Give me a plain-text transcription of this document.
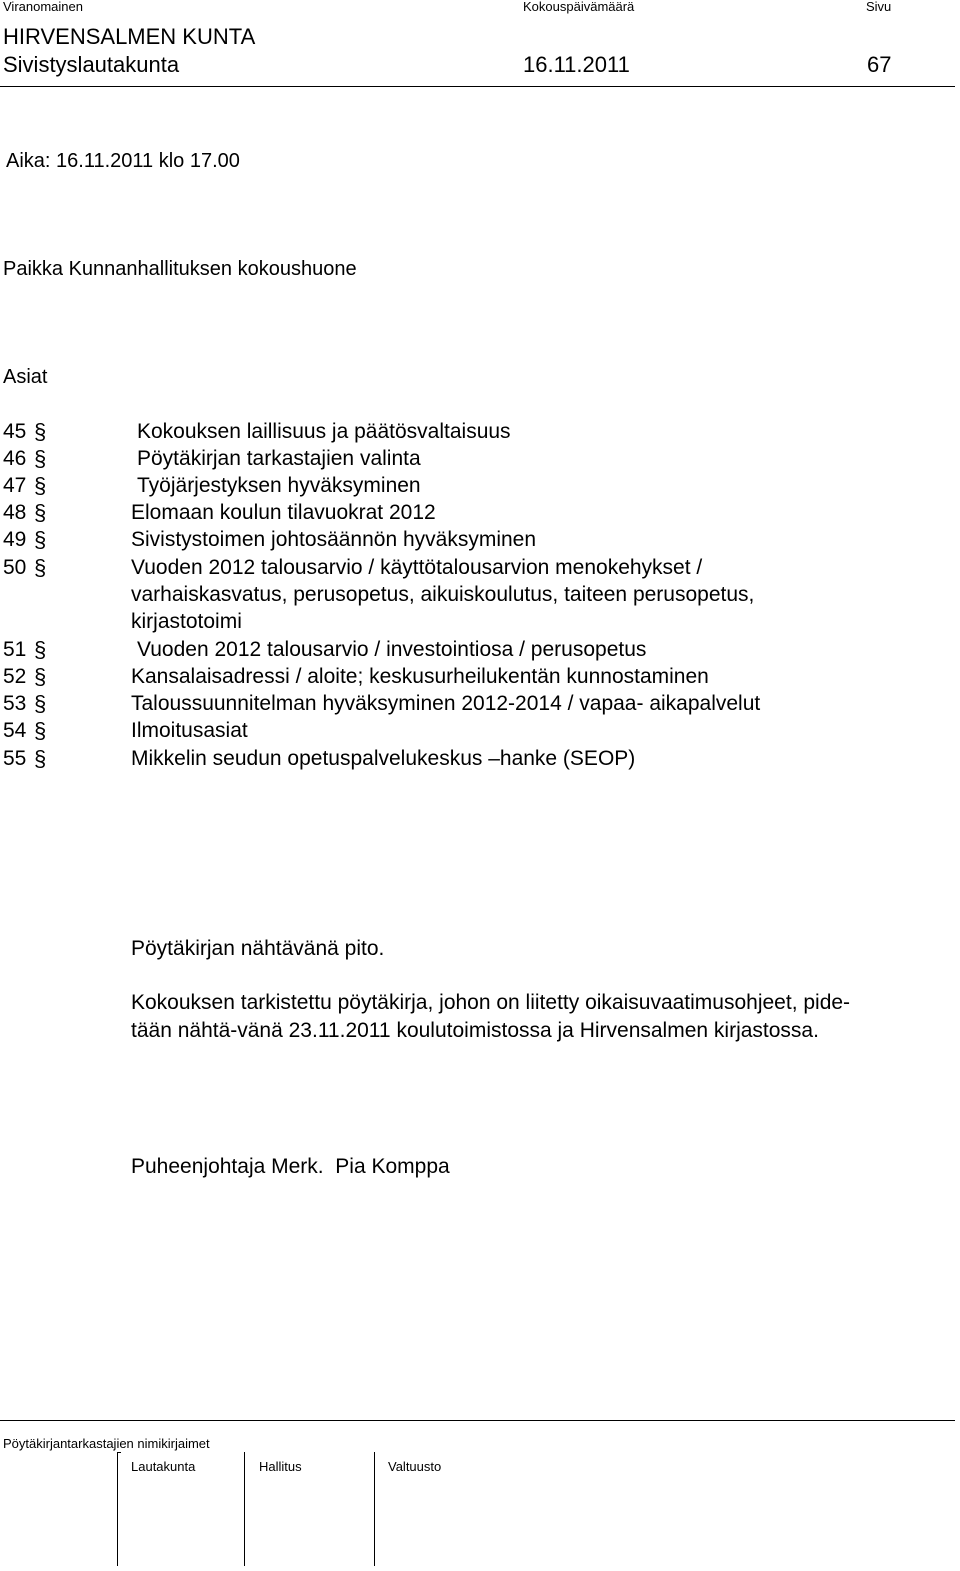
Viranomainen	Kokouspäivämäärä	Sivu
HIRVENSALMEN KUNTA
Sivistyslautakunta	16.11.2011	67
Aika: 16.11.2011 klo 17.00
Paikka Kunnanhallituksen kokoushuone
Asiat
45 §	Kokouksen laillisuus ja päätösvaltaisuus
46 §	Pöytäkirjan tarkastajien valinta
47 §	Työjärjestyksen hyväksyminen
48 §	Elomaan koulun tilavuokrat 2012
49 §	Sivistystoimen johtosäännön hyväksyminen
50 §	Vuoden 2012 talousarvio / käyttötalousarvion menokehykset /
varhaiskasvatus, perusopetus, aikuiskoulutus, taiteen perusopetus,
kirjastotoimi
51 §	Vuoden 2012 talousarvio / investointiosa / perusopetus
52 §	Kansalaisadressi / aloite; keskusurheilukentän kunnostaminen
53 §	Taloussuunnitelman hyväksyminen 2012-2014 / vapaa- aikapalvelut
54 §	Ilmoitusasiat
55 §	Mikkelin seudun opetuspalvelukeskus –hanke (SEOP)
Pöytäkirjan nähtävänä pito.
Kokouksen tarkistettu pöytäkirja, johon on liitetty oikaisuvaatimusohjeet, pide-
tään nähtä-vänä 23.11.2011 koulutoimistossa ja Hirvensalmen kirjastossa.
Puheenjohtaja Merk.  Pia Komppa
Pöytäkirjantarkastajien nimikirjaimet
Lautakunta	Hallitus	Valtuusto
